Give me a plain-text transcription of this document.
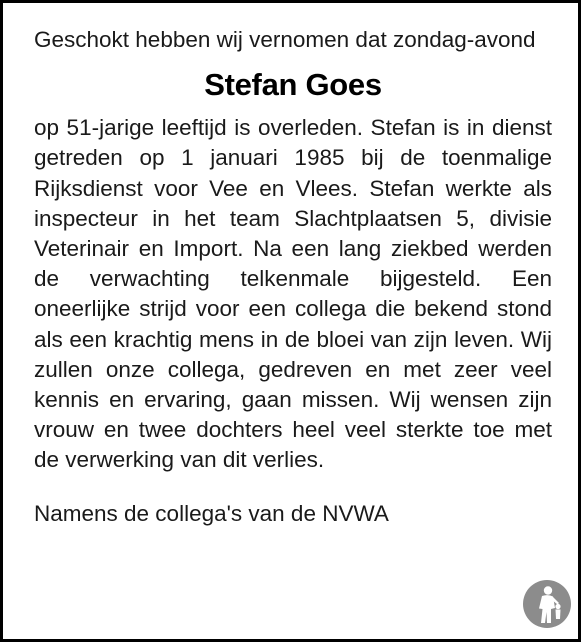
Geschokt hebben wij vernomen dat zondag-avond

Stefan Goes

op 51-jarige leeftijd is overleden. Stefan is in dienst getreden op 1 januari 1985 bij de toenmalige Rijksdienst voor Vee en Vlees. Stefan werkte als inspecteur in het team Slachtplaatsen 5, divisie Veterinair en Import. Na een lang ziekbed werden de verwachting telkenmale bijgesteld. Een oneerlijke strijd voor een collega die bekend stond als een krachtig mens in de bloei van zijn leven. Wij zullen onze collega, gedreven en met zeer veel kennis en ervaring, gaan missen. Wij wensen zijn vrouw en twee dochters heel veel sterkte toe met de verwerking van dit verlies.

Namens de collega's van de NVWA
